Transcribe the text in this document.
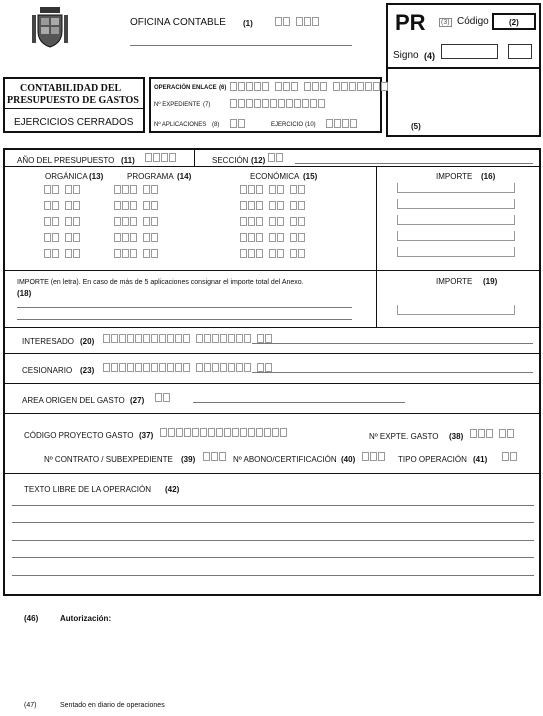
OFICINA CONTABLE (1)	PR (3) Código	(2)
Signo (4)
(5)
CONTABILIDAD DEL
PRESUPUESTO DE GASTOS
EJERCICIOS CERRADOS
OPERACIÓN ENLACE (6)
Nº EXPEDIENTE (7)
Nº APLICACIONES (8)	EJERCICIO (10)
AÑO DEL PRESUPUESTO (11)	SECCIÓN (12)
ORGÁNICA (13)	PROGRAMA (14)	ECONÓMICA (15)	IMPORTE (16)
IMPORTE (en letra). En caso de más de 5 aplicaciones consignar el importe total del Anexo.
(18)
IMPORTE (19)
INTERESADO (20)
CESIONARIO (23)
AREA ORIGEN DEL GASTO (27)
CÓDIGO PROYECTO GASTO (37)	Nº EXPTE. GASTO (38)
Nº CONTRATO / SUBEXPEDIENTE (39)	Nº ABONO/CERTIFICACIÓN (40)	TIPO OPERACIÓN (41)
TEXTO LIBRE DE LA OPERACIÓN (42)
(46)	Autorización:
(47)	Sentado en diario de operaciones
